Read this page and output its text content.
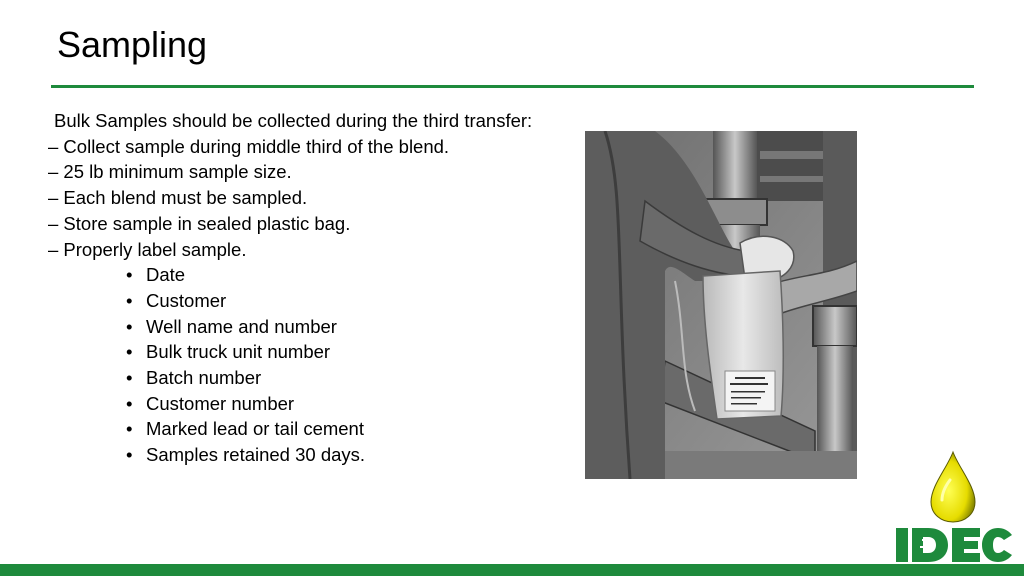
Sampling
Bulk Samples should be collected during the third transfer:
– Collect sample during middle third of the blend.
– 25 lb minimum sample size.
– Each blend must be sampled.
– Store sample in sealed plastic bag.
– Properly label sample.
• Date
• Customer
• Well name and number
• Bulk truck unit number
• Batch number
• Customer number
• Marked lead or tail cement
• Samples retained 30 days.
